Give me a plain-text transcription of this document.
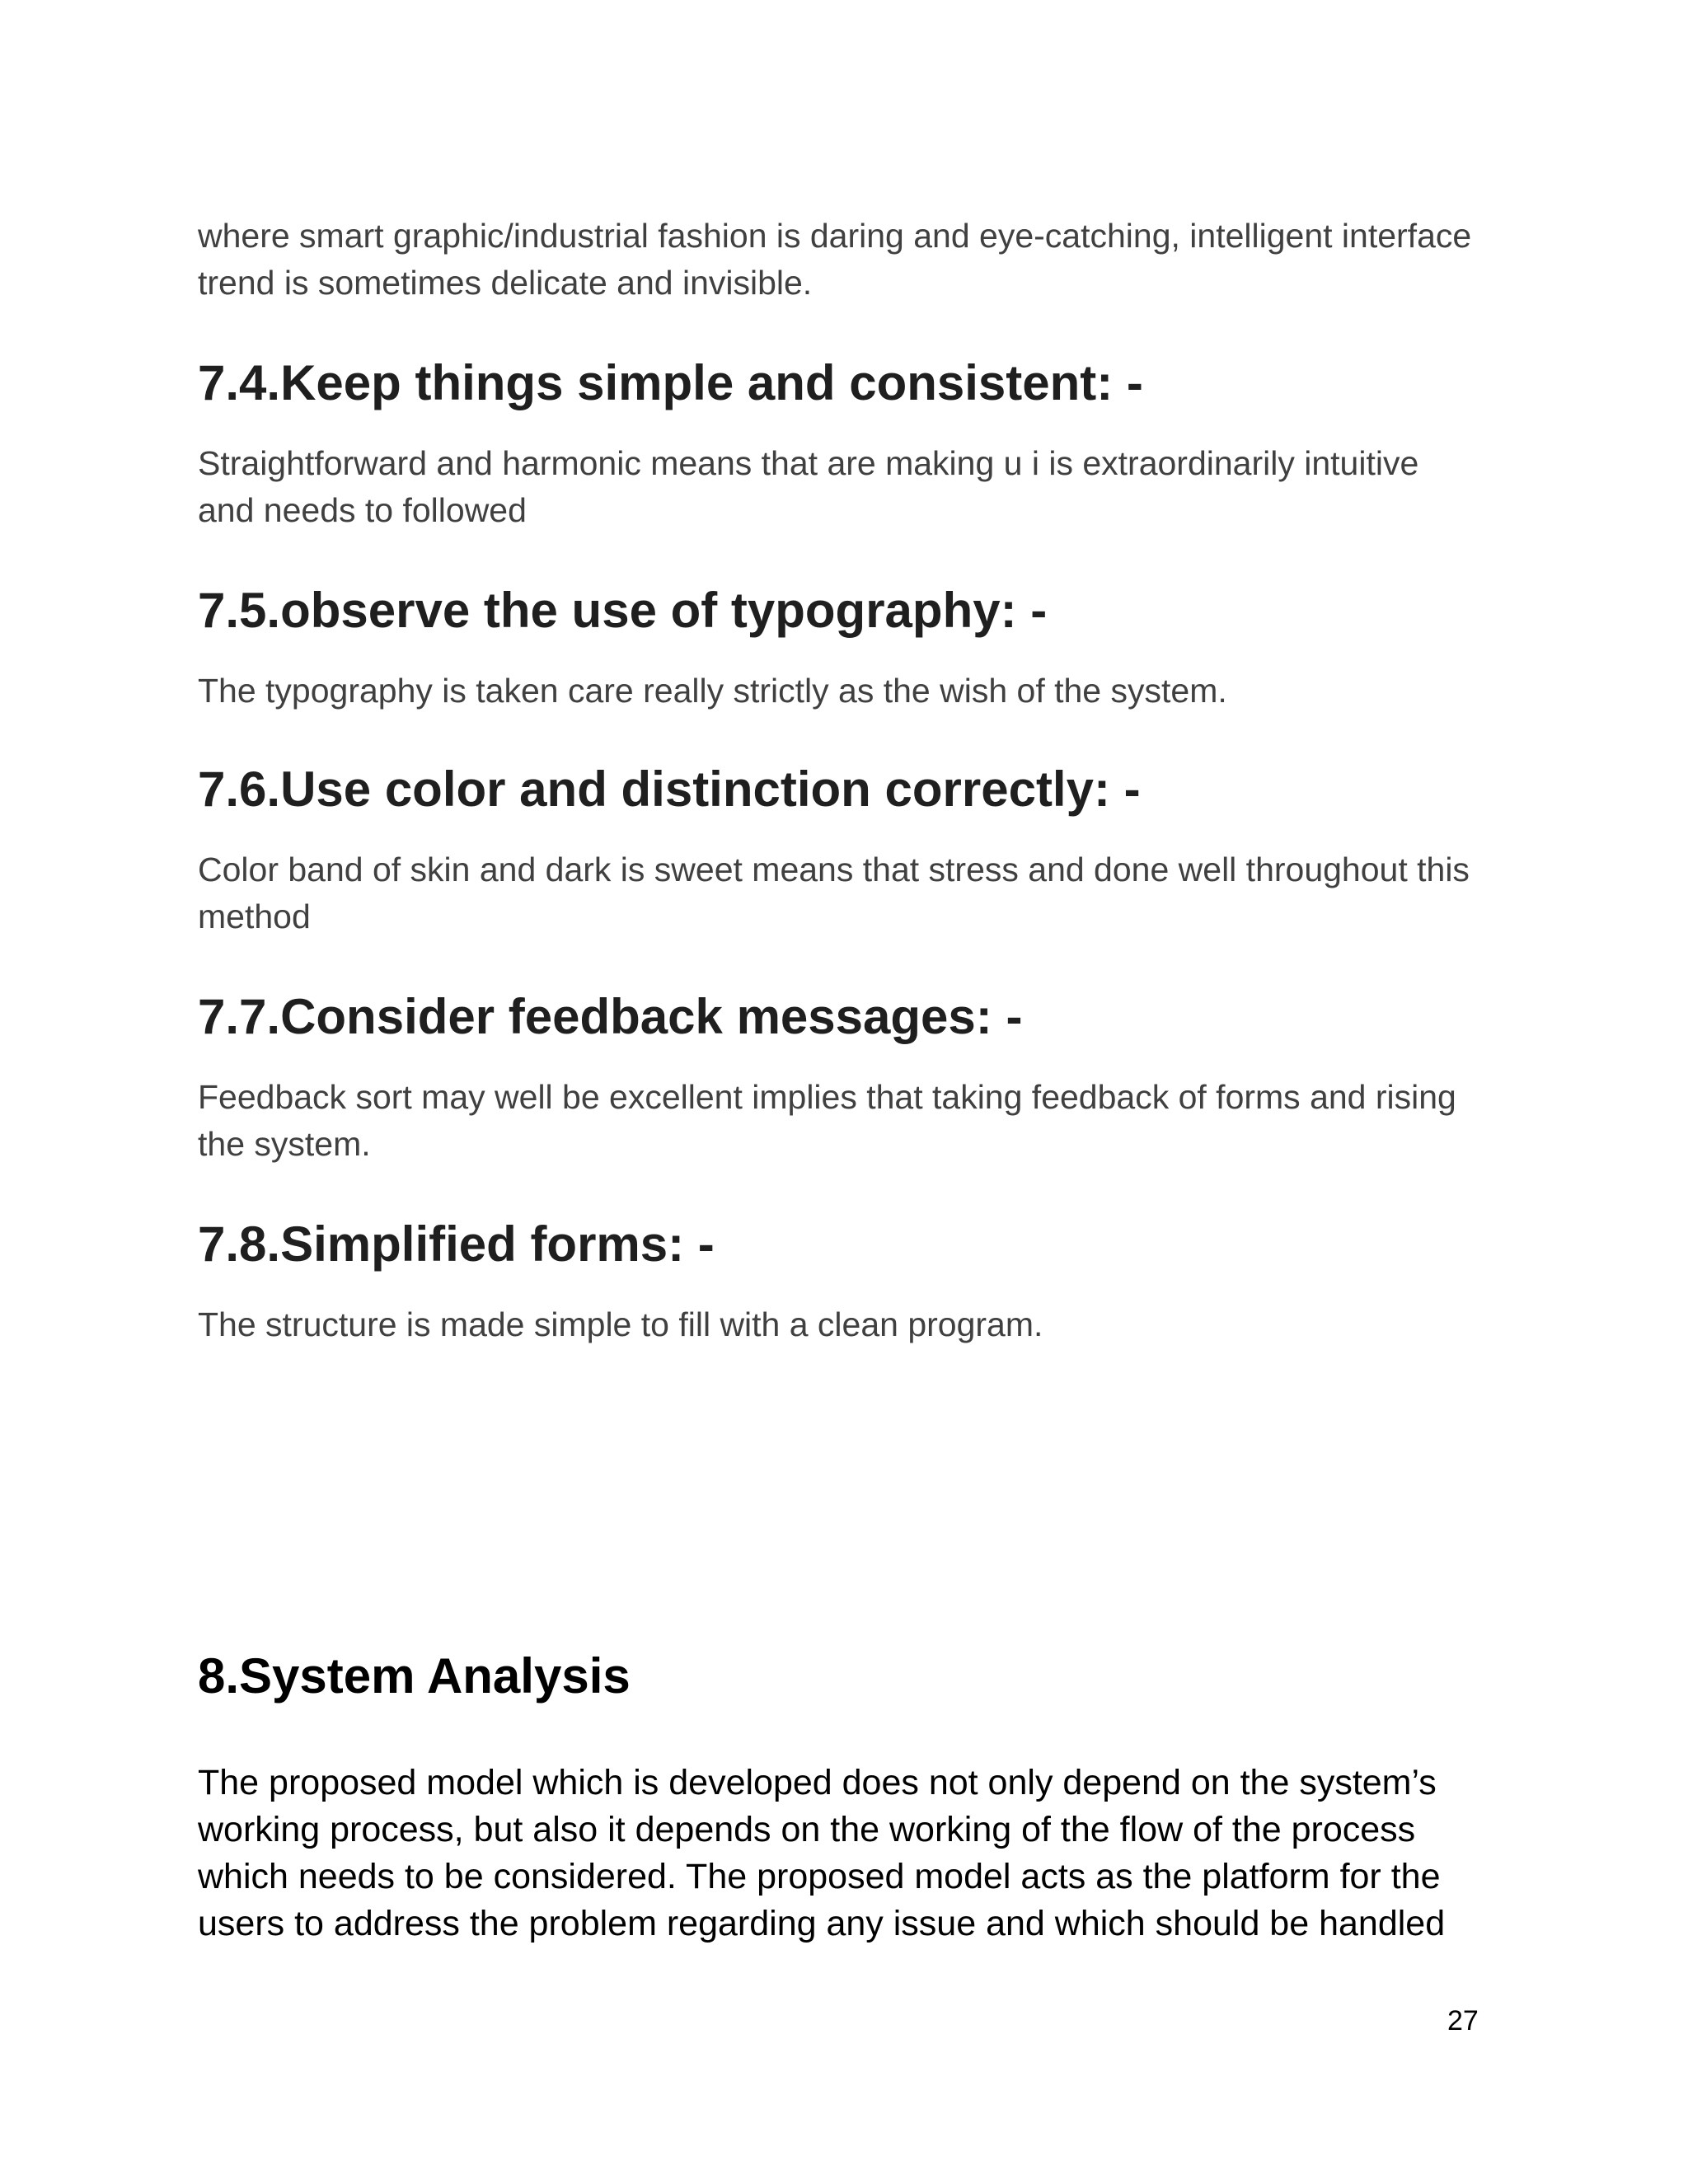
where smart graphic/industrial fashion is daring and eye-catching, intelligent interface trend is sometimes delicate and invisible.

7.4.Keep things simple and consistent: -

Straightforward and harmonic means that are making u i is extraordinarily intuitive and needs to followed

7.5.observe the use of typography: -

The typography is taken care really strictly as the wish of the system.

7.6.Use color and distinction correctly: -

Color band of skin and dark is sweet means that stress and done well throughout this method

7.7.Consider feedback messages: -

Feedback sort may well be excellent implies that taking feedback of forms and rising the system.

7.8.Simplified forms: -

The structure is made simple to fill with a clean program.

8.System Analysis

The proposed model which is developed does not only depend on the system’s working process, but also it depends on the working of the flow of the process which needs to be considered. The proposed model acts as the platform for the users to address the problem regarding any issue and which should be handled

27
